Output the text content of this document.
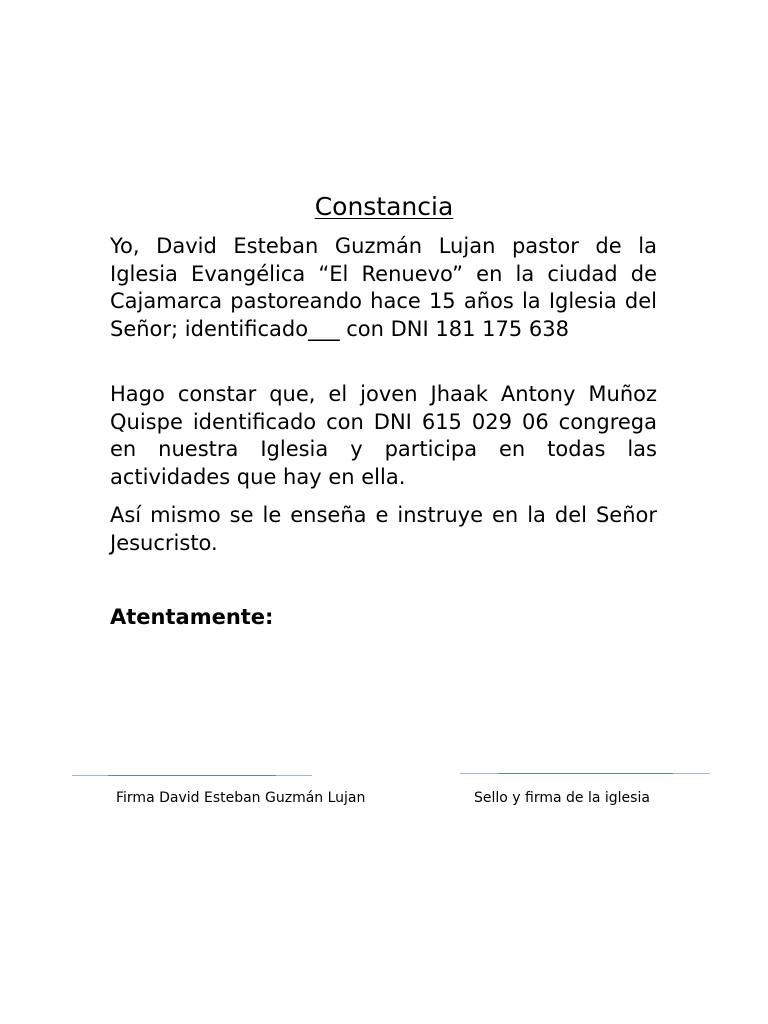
Constancia

Yo, David Esteban Guzmán Lujan pastor de la Iglesia Evangélica “El Renuevo” en la ciudad de Cajamarca pastoreando hace 15 años la Iglesia del Señor; identificado___ con DNI 181 175 638

Hago constar que, el joven Jhaak Antony Muñoz Quispe identificado con DNI 615 029 06 congrega en nuestra Iglesia y participa en todas las actividades que hay en ella.

Así mismo se le enseña e instruye en la del Señor Jesucristo.

Atentamente:

Firma David Esteban Guzmán Lujan	Sello y firma de la iglesia
